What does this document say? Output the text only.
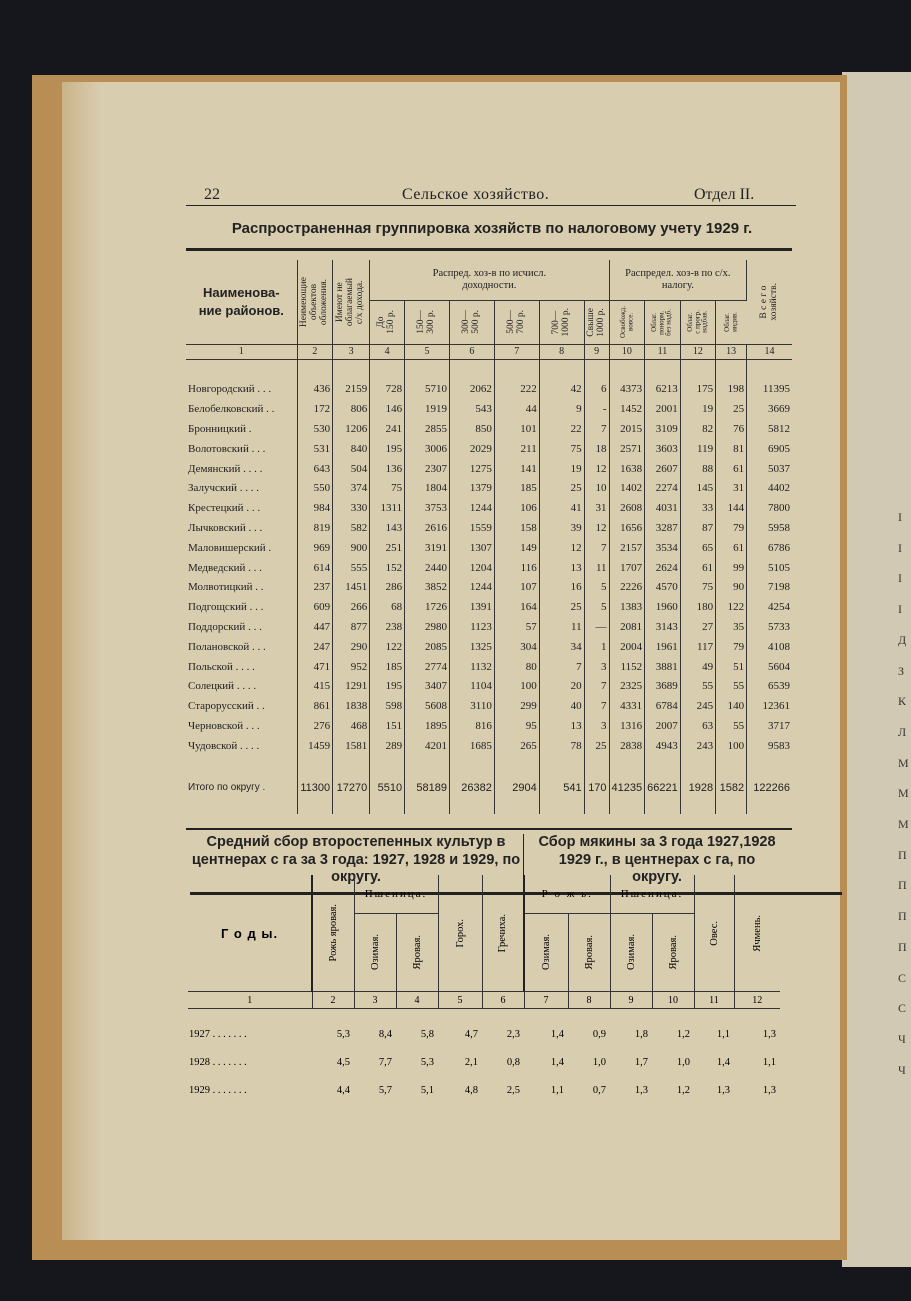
I
I
I
I
Д
З
К
Л
М
М
М
П
П
П
П
С
С
Ч
Ч
22	Сельское хозяйство.	Отдел II.
Распространенная группировка хозяйств по налоговому учету 1929 г.
Наименова-
ние районов.	Неимеющие
объектов
обложения.	Имеют не
облагаемый
с/х дохода.	Распред. хоз-в по исчисл.
доходности.						Распредел. хоз-в по с/х.
налогу.				В с е г о
хозяйств.

			До
150 р.	150—
300 р.	300—
500 р.	500—
700 р.	700—
1000 р.	Свыше
1000 р.	Освобожд.
вовсе.	Облаг.
понорм.
без надб.	Облаг.
с прогр.
надбав.	Облаг.
индив.	

1	2	3	4	5	6	7	8	9	10	11	12	13	14

Новгородский . . .	436	2159	728	5710	2062	222	42	6	4373	6213	175	198	11395
Белобелковский . .	172	806	146	1919	543	44	9	-	1452	2001	19	25	3669
Бронницкий .	530	1206	241	2855	850	101	22	7	2015	3109	82	76	5812
Волотовский . . .	531	840	195	3006	2029	211	75	18	2571	3603	119	81	6905
Демянский . . . .	643	504	136	2307	1275	141	19	12	1638	2607	88	61	5037
Залучский . . . .	550	374	75	1804	1379	185	25	10	1402	2274	145	31	4402
Крестецкий . . .	984	330	1311	3753	1244	106	41	31	2608	4031	33	144	7800
Лычковский . . .	819	582	143	2616	1559	158	39	12	1656	3287	87	79	5958
Маловишерский .	969	900	251	3191	1307	149	12	7	2157	3534	65	61	6786
Медведский . . .	614	555	152	2440	1204	116	13	11	1707	2624	61	99	5105
Молвотицкий . .	237	1451	286	3852	1244	107	16	5	2226	4570	75	90	7198
Подгощский . . .	609	266	68	1726	1391	164	25	5	1383	1960	180	122	4254
Поддорский . . .	447	877	238	2980	1123	57	11	—	2081	3143	27	35	5733
Полановской . . .	247	290	122	2085	1325	304	34	1	2004	1961	117	79	4108
Польской . . . .	471	952	185	2774	1132	80	7	3	1152	3881	49	51	5604
Солецкий . . . .	415	1291	195	3407	1104	100	20	7	2325	3689	55	55	6539
Старорусский . .	861	1838	598	5608	3110	299	40	7	4331	6784	245	140	12361
Черновской . . .	276	468	151	1895	816	95	13	3	1316	2007	63	55	3717
Чудовской . . . .	1459	1581	289	4201	1685	265	78	25	2838	4943	243	100	9583

Итого по округу .	11300	17270	5510	58189	26382	2904	541	170	41235	66221	1928	1582	122266

Средний сбор второстепенных культур в центнерах с га за 3 года: 1927, 1928 и 1929, по округу.
Сбор мякины за 3 года 1927,1928 1929 г., в центнерах с га, по округу.
Г о д ы.	Рожь яровая.	Пшеница.		Горох.	Гречиха.	Р о ж ь.		Пшеница.		Овес.	Ячмень.

		Озимая.	Яровая.			Озимая.	Яровая.	Озимая.	Яровая.		

1	2	3	4	5	6	7	8	9	10	11	12

1927 . . . . . . .	5,3	8,4	5,8	4,7	2,3	1,4	0,9	1,8	1,2	1,1	1,3
1928 . . . . . . .	4,5	7,7	5,3	2,1	0,8	1,4	1,0	1,7	1,0	1,4	1,1
1929 . . . . . . .	4,4	5,7	5,1	4,8	2,5	1,1	0,7	1,3	1,2	1,3	1,3
